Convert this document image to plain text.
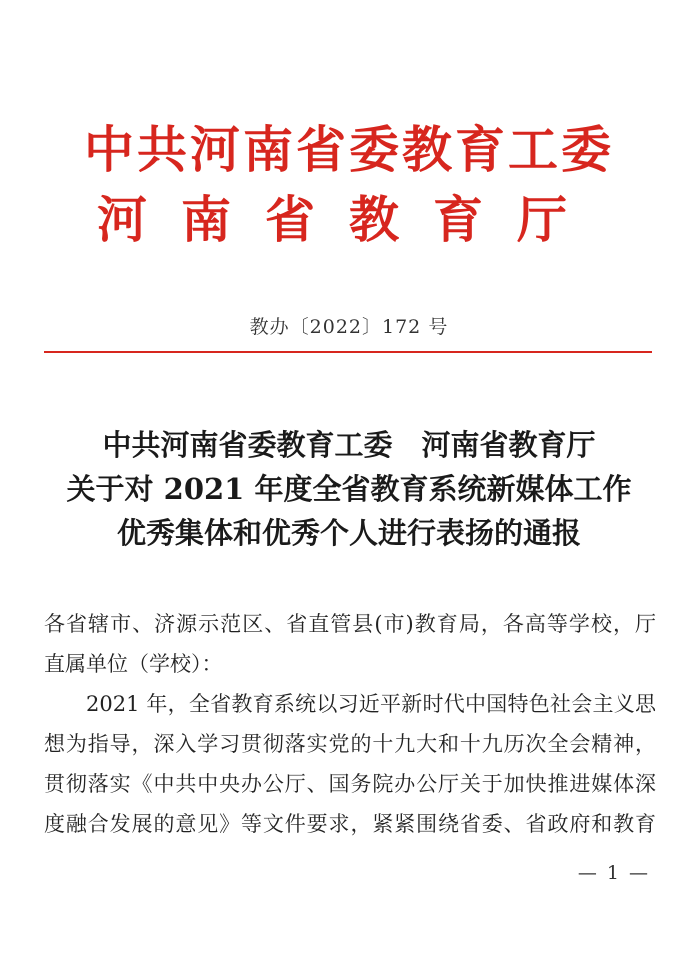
中共河南省委教育工委
河南省教育厅
教办〔2022〕172 号
中共河南省委教育工委　河南省教育厅
关于对 2021 年度全省教育系统新媒体工作
优秀集体和优秀个人进行表扬的通报
各省辖市、济源示范区、省直管县(市)教育局，各高等学校，厅
直属单位（学校）：
2021 年，全省教育系统以习近平新时代中国特色社会主义思
想为指导，深入学习贯彻落实党的十九大和十九历次全会精神，
贯彻落实《中共中央办公厅、国务院办公厅关于加快推进媒体深
度融合发展的意见》等文件要求，紧紧围绕省委、省政府和教育
— 1 —
